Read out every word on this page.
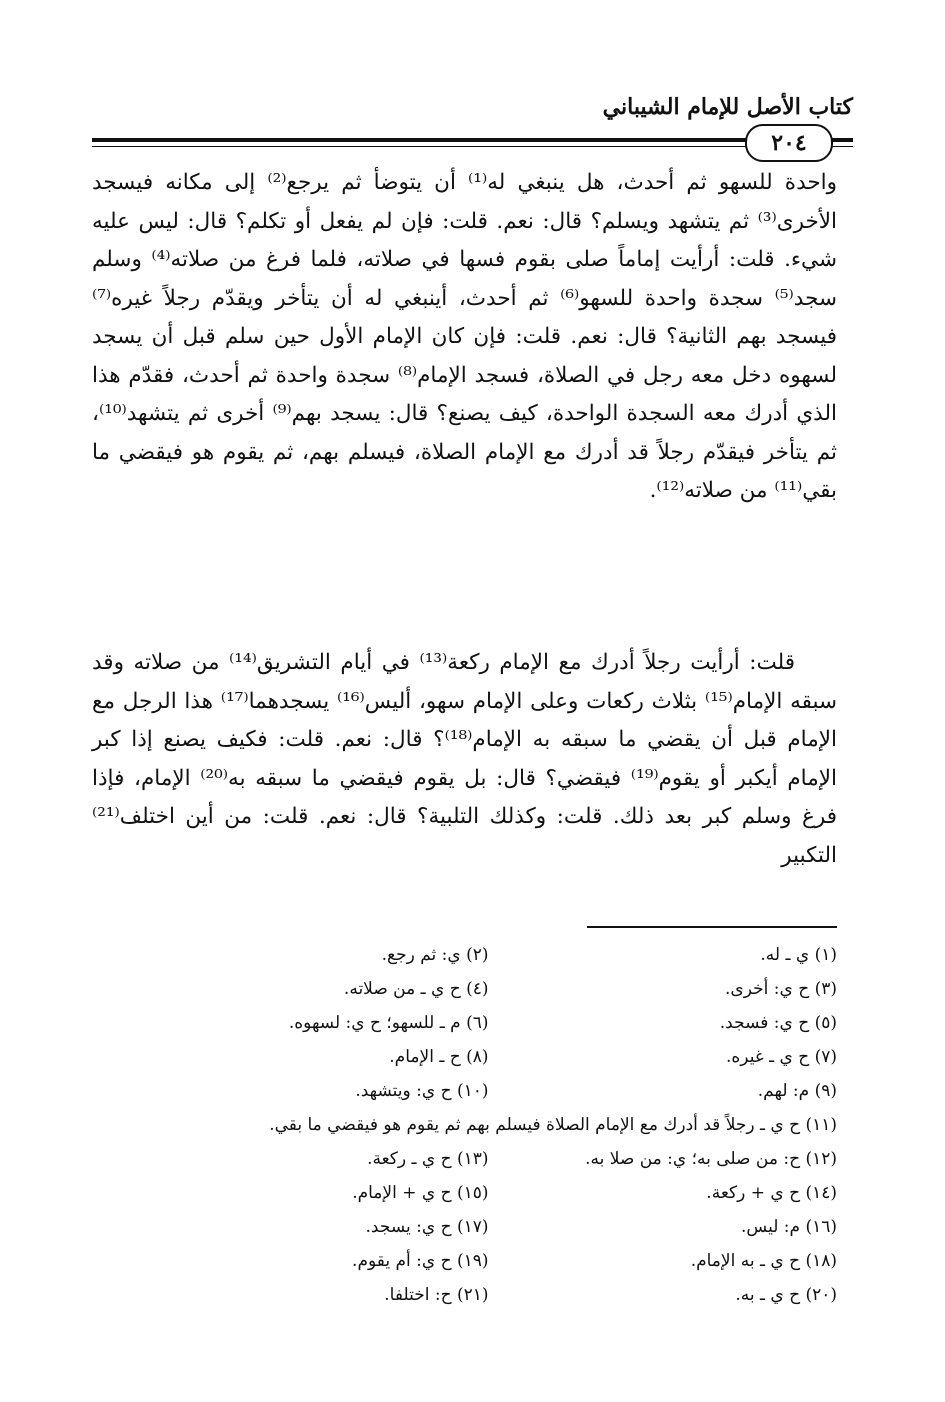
كتاب الأصل للإمام الشيباني
٢٠٤
واحدة للسهو ثم أحدث، هل ينبغي له⁽¹⁾ أن يتوضأ ثم يرجع⁽²⁾ إلى مكانه فيسجد الأخرى⁽³⁾ ثم يتشهد ويسلم؟ قال: نعم. قلت: فإن لم يفعل أو تكلم؟ قال: ليس عليه شيء. قلت: أرأيت إماماً صلى بقوم فسها في صلاته، فلما فرغ من صلاته⁽⁴⁾ وسلم سجد⁽⁵⁾ سجدة واحدة للسهو⁽⁶⁾ ثم أحدث، أينبغي له أن يتأخر ويقدّم رجلاً غيره⁽⁷⁾ فيسجد بهم الثانية؟ قال: نعم. قلت: فإن كان الإمام الأول حين سلم قبل أن يسجد لسهوه دخل معه رجل في الصلاة، فسجد الإمام⁽⁸⁾ سجدة واحدة ثم أحدث، فقدّم هذا الذي أدرك معه السجدة الواحدة، كيف يصنع؟ قال: يسجد بهم⁽⁹⁾ أخرى ثم يتشهد⁽¹⁰⁾، ثم يتأخر فيقدّم رجلاً قد أدرك مع الإمام الصلاة، فيسلم بهم، ثم يقوم هو فيقضي ما بقي⁽¹¹⁾ من صلاته⁽¹²⁾.
قلت: أرأيت رجلاً أدرك مع الإمام ركعة⁽¹³⁾ في أيام التشريق⁽¹⁴⁾ من صلاته وقد سبقه الإمام⁽¹⁵⁾ بثلاث ركعات وعلى الإمام سهو، أليس⁽¹⁶⁾ يسجدهما⁽¹⁷⁾ هذا الرجل مع الإمام قبل أن يقضي ما سبقه به الإمام⁽¹⁸⁾؟ قال: نعم. قلت: فكيف يصنع إذا كبر الإمام أيكبر أو يقوم⁽¹⁹⁾ فيقضي؟ قال: بل يقوم فيقضي ما سبقه به⁽²⁰⁾ الإمام، فإذا فرغ وسلم كبر بعد ذلك. قلت: وكذلك التلبية؟ قال: نعم. قلت: من أين اختلف⁽²¹⁾ التكبير
(١) ي ـ له.
(٢) ي: ثم رجع.
(٣) ح ي: أخرى.
(٤) ح ي ـ من صلاته.
(٥) ح ي: فسجد.
(٦) م ـ للسهو؛ ح ي: لسهوه.
(٧) ح ي ـ غيره.
(٨) ح ـ الإمام.
(٩) م: لهم.
(١٠) ح ي: ويتشهد.
(١١) ح ي ـ رجلاً قد أدرك مع الإمام الصلاة فيسلم بهم ثم يقوم هو فيقضي ما بقي.
(١٢) ح: من صلى به؛ ي: من صلا به.
(١٣) ح ي ـ ركعة.
(١٤) ح ي + ركعة.
(١٥) ح ي + الإمام.
(١٦) م: ليس.
(١٧) ح ي: يسجد.
(١٨) ح ي ـ به الإمام.
(١٩) ح ي: أم يقوم.
(٢٠) ح ي ـ به.
(٢١) ح: اختلفا.
